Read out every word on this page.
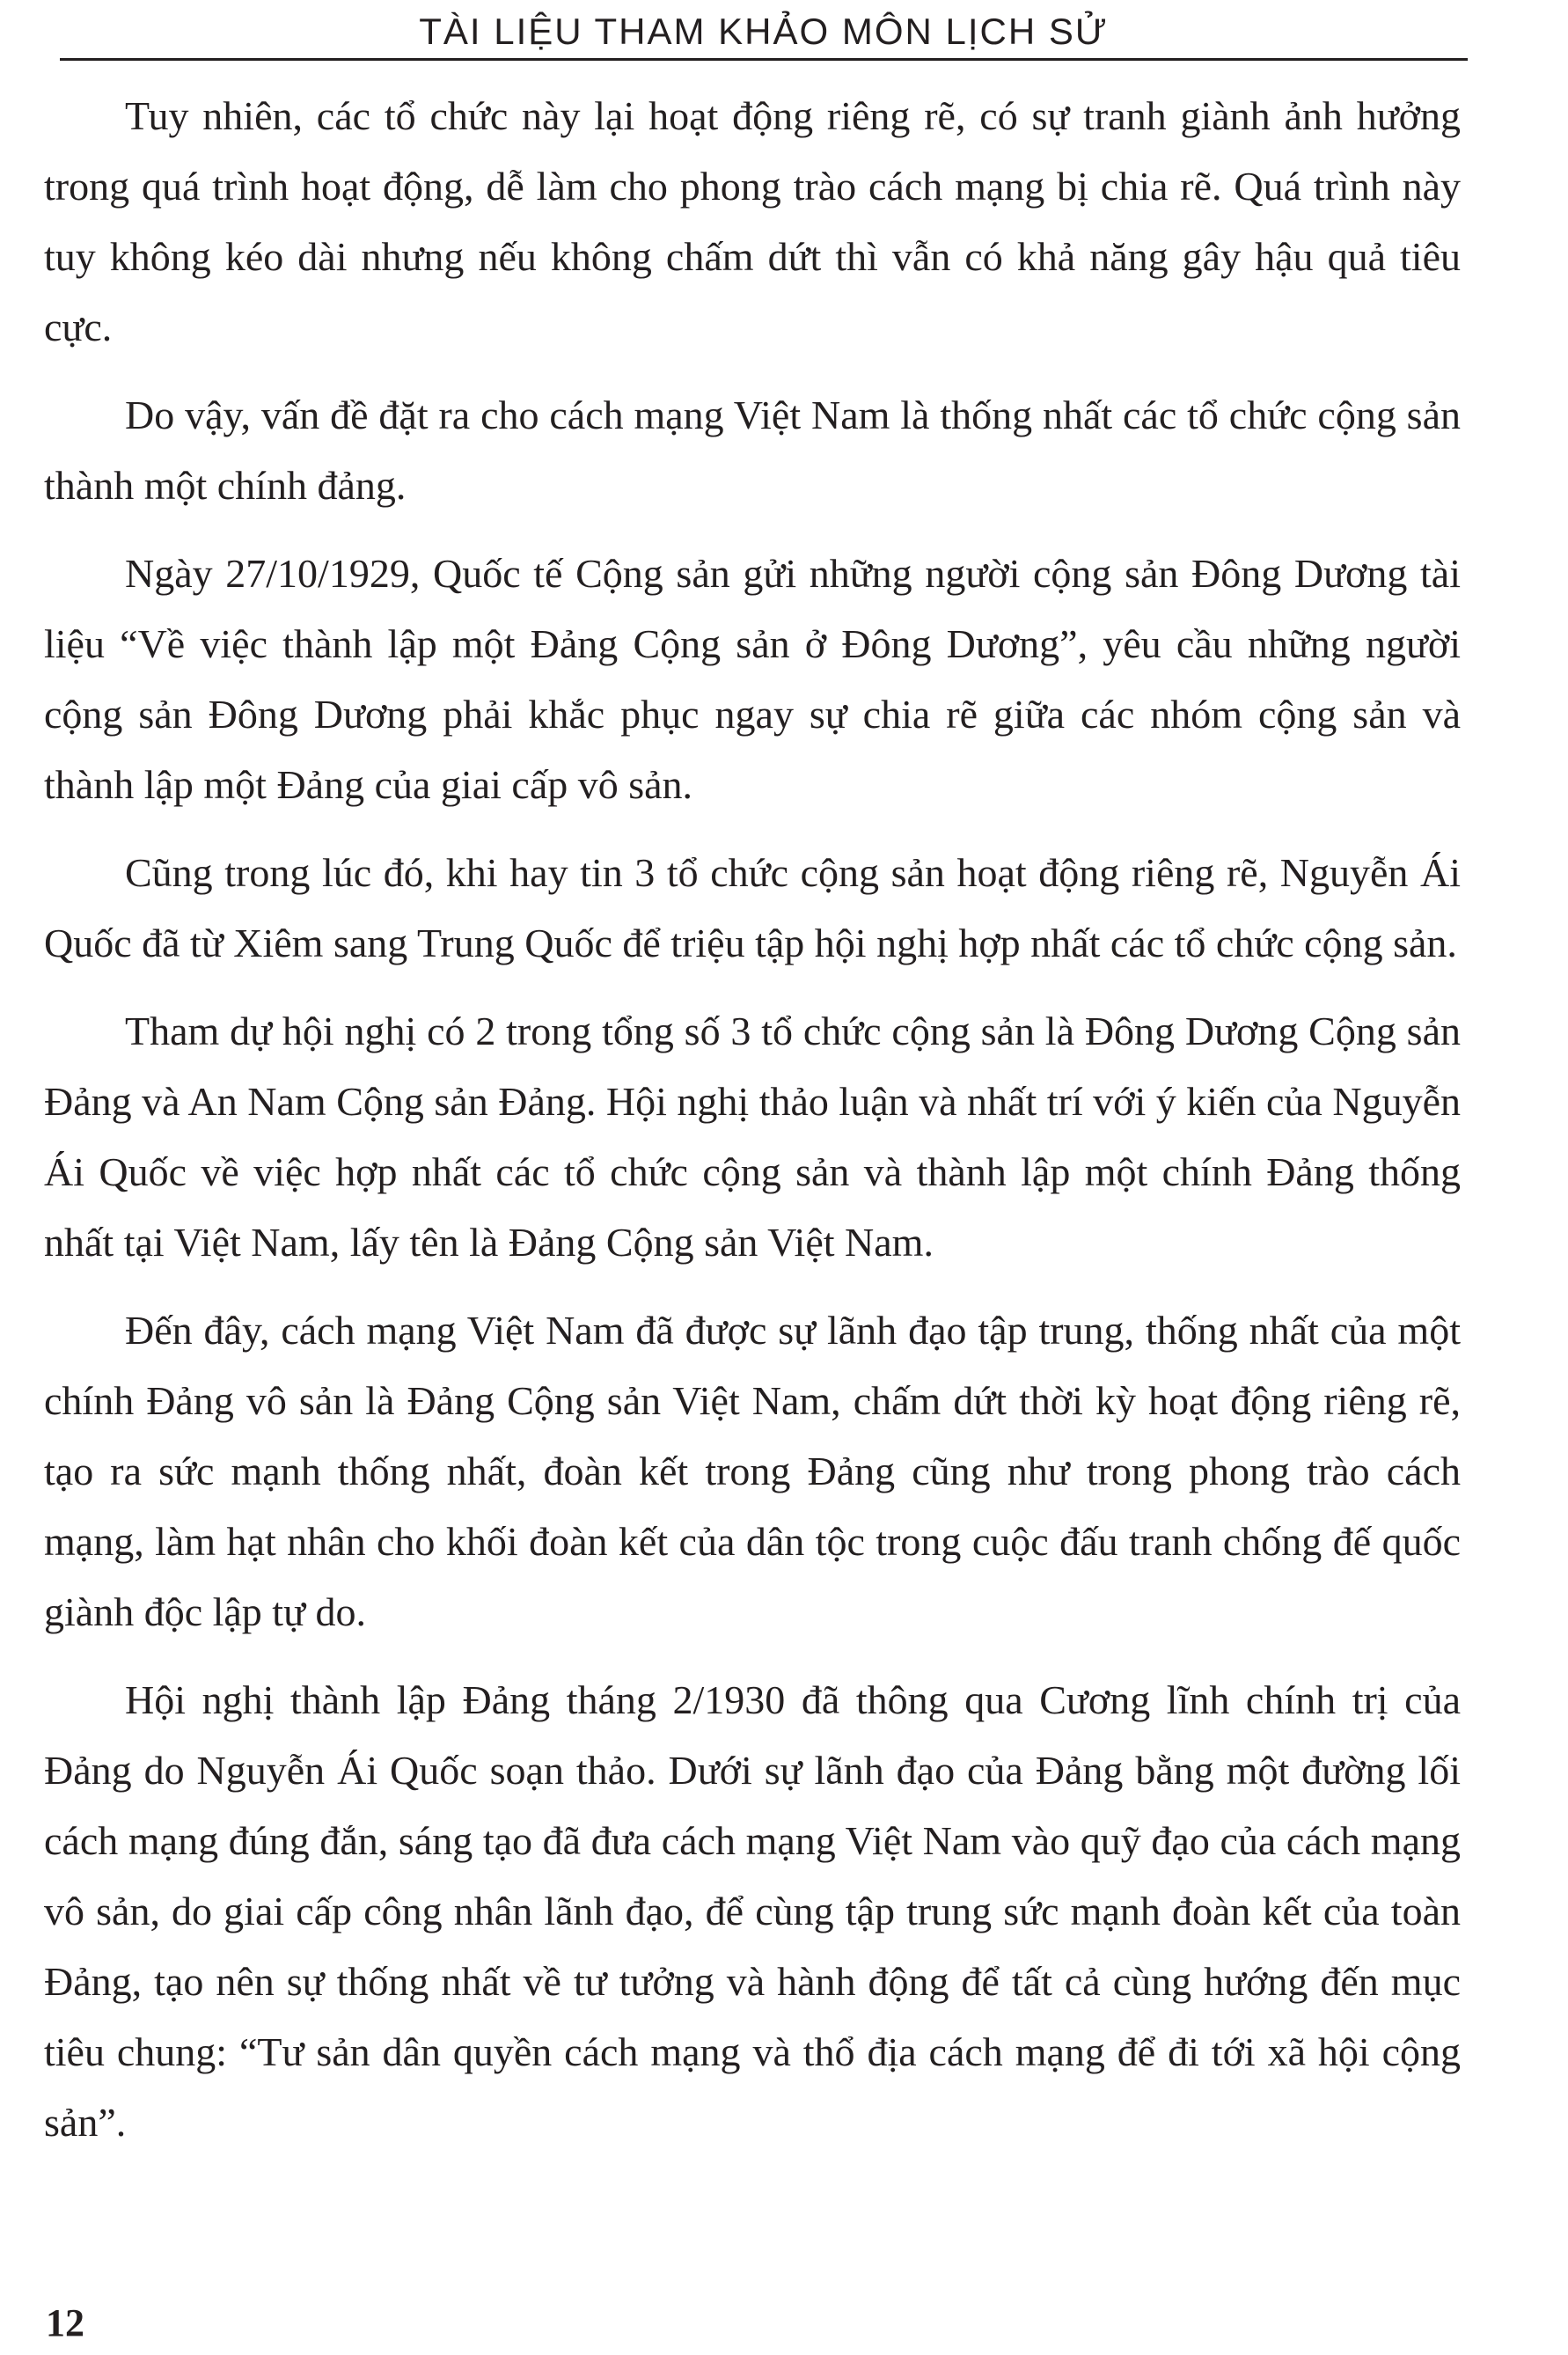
TÀI LIỆU THAM KHẢO MÔN LỊCH SỬ

Tuy nhiên, các tổ chức này lại hoạt động riêng rẽ, có sự tranh giành ảnh hưởng trong quá trình hoạt động, dễ làm cho phong trào cách mạng bị chia rẽ. Quá trình này tuy không kéo dài nhưng nếu không chấm dứt thì vẫn có khả năng gây hậu quả tiêu cực.

Do vậy, vấn đề đặt ra cho cách mạng Việt Nam là thống nhất các tổ chức cộng sản thành một chính đảng.

Ngày 27/10/1929, Quốc tế Cộng sản gửi những người cộng sản Đông Dương tài liệu “Về việc thành lập một Đảng Cộng sản ở Đông Dương”, yêu cầu những người cộng sản Đông Dương phải khắc phục ngay sự chia rẽ giữa các nhóm cộng sản và thành lập một Đảng của giai cấp vô sản.

Cũng trong lúc đó, khi hay tin 3 tổ chức cộng sản hoạt động riêng rẽ, Nguyễn Ái Quốc đã từ Xiêm sang Trung Quốc để triệu tập hội nghị hợp nhất các tổ chức cộng sản.

Tham dự hội nghị có 2 trong tổng số 3 tổ chức cộng sản là Đông Dương Cộng sản Đảng và An Nam Cộng sản Đảng. Hội nghị thảo luận và nhất trí với ý kiến của Nguyễn Ái Quốc về việc hợp nhất các tổ chức cộng sản và thành lập một chính Đảng thống nhất tại Việt Nam, lấy tên là Đảng Cộng sản Việt Nam.

Đến đây, cách mạng Việt Nam đã được sự lãnh đạo tập trung, thống nhất của một chính Đảng vô sản là Đảng Cộng sản Việt Nam, chấm dứt thời kỳ hoạt động riêng rẽ, tạo ra sức mạnh thống nhất, đoàn kết trong Đảng cũng như trong phong trào cách mạng, làm hạt nhân cho khối đoàn kết của dân tộc trong cuộc đấu tranh chống đế quốc giành độc lập tự do.

Hội nghị thành lập Đảng tháng 2/1930 đã thông qua Cương lĩnh chính trị của Đảng do Nguyễn Ái Quốc soạn thảo. Dưới sự lãnh đạo của Đảng bằng một đường lối cách mạng đúng đắn, sáng tạo đã đưa cách mạng Việt Nam vào quỹ đạo của cách mạng vô sản, do giai cấp công nhân lãnh đạo, để cùng tập trung sức mạnh đoàn kết của toàn Đảng, tạo nên sự thống nhất về tư tưởng và hành động để tất cả cùng hướng đến mục tiêu chung: “Tư sản dân quyền cách mạng và thổ địa cách mạng để đi tới xã hội cộng sản”.

12
